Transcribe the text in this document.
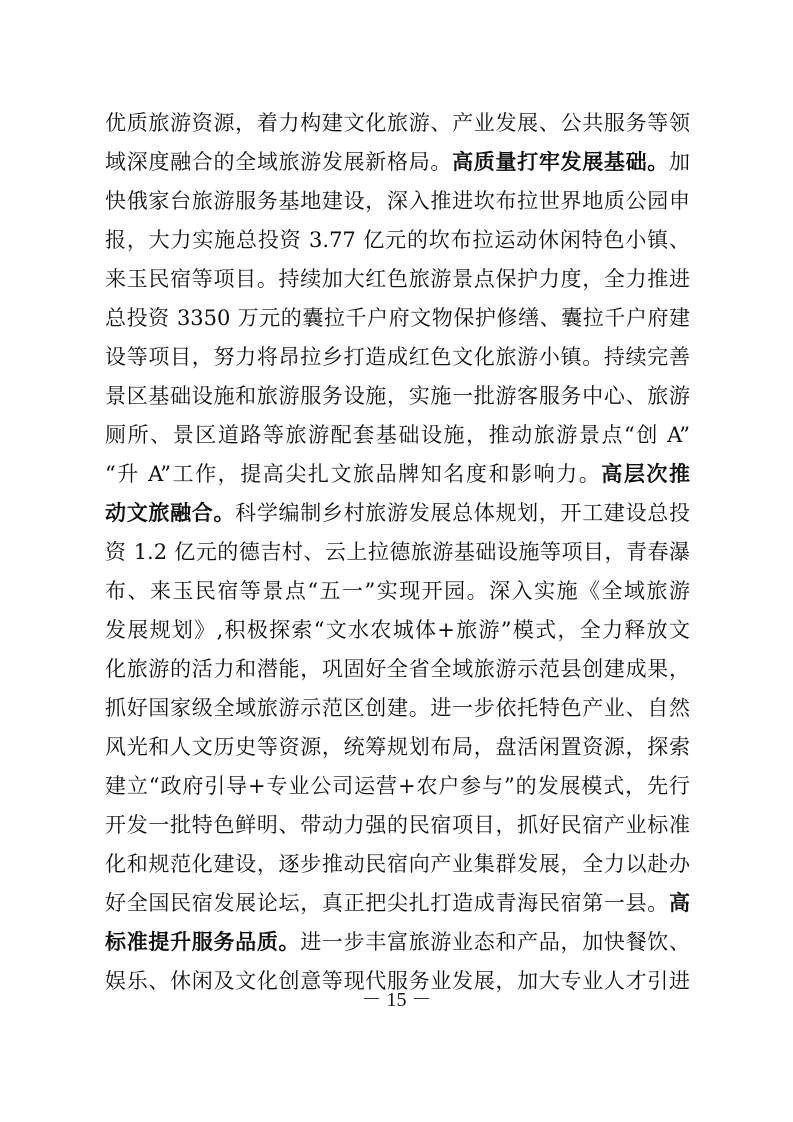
优质旅游资源，着力构建文化旅游、产业发展、公共服务等领
域深度融合的全域旅游发展新格局。高质量打牢发展基础。加
快俄家台旅游服务基地建设，深入推进坎布拉世界地质公园申
报，大力实施总投资 3.77 亿元的坎布拉运动休闲特色小镇、
来玉民宿等项目。持续加大红色旅游景点保护力度，全力推进
总投资 3350 万元的囊拉千户府文物保护修缮、囊拉千户府建
设等项目，努力将昂拉乡打造成红色文化旅游小镇。持续完善
景区基础设施和旅游服务设施，实施一批游客服务中心、旅游
厕所、景区道路等旅游配套基础设施，推动旅游景点“创 A”
“升 A”工作，提高尖扎文旅品牌知名度和影响力。高层次推
动文旅融合。科学编制乡村旅游发展总体规划，开工建设总投
资 1.2 亿元的德吉村、云上拉德旅游基础设施等项目，青春瀑
布、来玉民宿等景点“五一”实现开园。深入实施《全域旅游
发展规划》,积极探索“文水农城体+旅游”模式，全力释放文
化旅游的活力和潜能，巩固好全省全域旅游示范县创建成果，
抓好国家级全域旅游示范区创建。进一步依托特色产业、自然
风光和人文历史等资源，统筹规划布局，盘活闲置资源，探索
建立“政府引导+专业公司运营+农户参与”的发展模式，先行
开发一批特色鲜明、带动力强的民宿项目，抓好民宿产业标准
化和规范化建设，逐步推动民宿向产业集群发展，全力以赴办
好全国民宿发展论坛，真正把尖扎打造成青海民宿第一县。高
标准提升服务品质。进一步丰富旅游业态和产品，加快餐饮、
娱乐、休闲及文化创意等现代服务业发展，加大专业人才引进
－ 15 －
